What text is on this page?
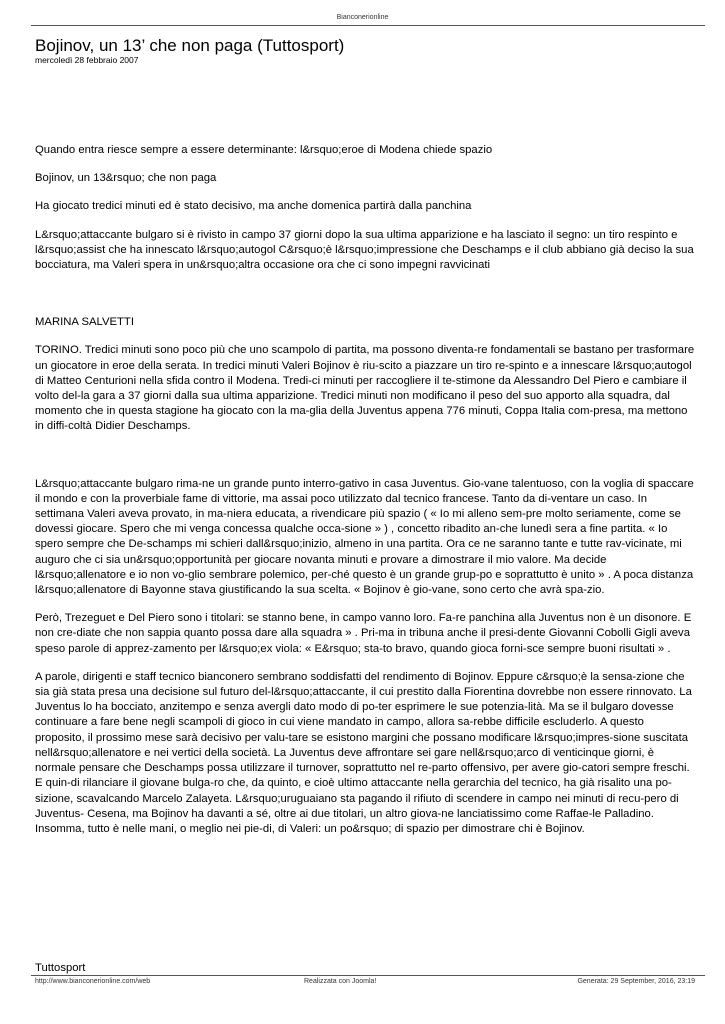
Bianconerionline
Bojinov, un 13’ che non paga (Tuttosport)
mercoledì 28 febbraio 2007

Quando entra riesce sempre a essere determinante: l&rsquo;eroe di Modena chiede spazio

Bojinov, un 13&rsquo; che non paga

Ha giocato tredici minuti ed è stato decisivo, ma anche domenica partirà dalla panchina

L&rsquo;attaccante bulgaro si è rivisto in campo 37 giorni dopo la sua ultima apparizione e ha lasciato il segno: un tiro respinto e l&rsquo;assist che ha innescato l&rsquo;autogol C&rsquo;è l&rsquo;impressione che Deschamps e il club abbiano già deciso la sua bocciatura, ma Valeri spera in un&rsquo;altra occasione ora che ci sono impegni ravvicinati

MARINA SALVETTI

TORINO. Tredici minuti sono poco più che uno scampolo di partita, ma possono diventa-re fondamentali se bastano per trasformare un giocatore in eroe della serata. In tredici minuti Valeri Bojinov è riu-scito a piazzare un tiro re-spinto e a innescare l&rsquo;autogol di Matteo Centurioni nella sfida contro il Modena. Tredi-ci minuti per raccogliere il te-stimone da Alessandro Del Piero e cambiare il volto del-la gara a 37 giorni dalla sua ultima apparizione. Tredici minuti non modificano il peso del suo apporto alla squadra, dal momento che in questa stagione ha giocato con la ma-glia della Juventus appena 776 minuti, Coppa Italia com-presa, ma mettono in diffi-coltà Didier Deschamps.

L&rsquo;attaccante bulgaro rima-ne un grande punto interro-gativo in casa Juventus. Gio-vane talentuoso, con la voglia di spaccare il mondo e con la proverbiale fame di vittorie, ma assai poco utilizzato dal tecnico francese. Tanto da di-ventare un caso. In settimana Valeri aveva provato, in ma-niera educata, a rivendicare più spazio ( « Io mi alleno sem-pre molto seriamente, come se dovessi giocare. Spero che mi venga concessa qualche occa-sione » ) , concetto ribadito an-che lunedì sera a fine partita. « Io spero sempre che De-schamps mi schieri dall&rsquo;inizio, almeno in una partita. Ora ce ne saranno tante e tutte rav-vicinate, mi auguro che ci sia un&rsquo;opportunità per giocare novanta minuti e provare a dimostrare il mio valore. Ma decide l&rsquo;allenatore e io non vo-glio sembrare polemico, per-ché questo è un grande grup-po e soprattutto è unito » . A poca distanza l&rsquo;allenatore di Bayonne stava giustificando la sua scelta. « Bojinov è gio-vane, sono certo che avrà spa-zio.

Però, Trezeguet e Del Piero sono i titolari: se stanno bene, in campo vanno loro. Fa-re panchina alla Juventus non è un disonore. E non cre-diate che non sappia quanto possa dare alla squadra » . Pri-ma in tribuna anche il presi-dente Giovanni Cobolli Gigli aveva speso parole di apprez-zamento per l&rsquo;ex viola: « E&rsquo; sta-to bravo, quando gioca forni-sce sempre buoni risultati » .

A parole, dirigenti e staff tecnico bianconero sembrano soddisfatti del rendimento di Bojinov. Eppure c&rsquo;è la sensa-zione che sia già stata presa una decisione sul futuro del-l&rsquo;attaccante, il cui prestito dalla Fiorentina dovrebbe non essere rinnovato. La Juventus lo ha bocciato, anzitempo e senza avergli dato modo di po-ter esprimere le sue potenzia-lità. Ma se il bulgaro dovesse continuare a fare bene negli scampoli di gioco in cui viene mandato in campo, allora sa-rebbe difficile escluderlo. A questo proposito, il prossimo mese sarà decisivo per valu-tare se esistono margini che possano modificare l&rsquo;impres-sione suscitata nell&rsquo;allenatore e nei vertici della società. La Juventus deve affrontare sei gare nell&rsquo;arco di venticinque giorni, è normale pensare che Deschamps possa utilizzare il turnover, soprattutto nel re-parto offensivo, per avere gio-catori sempre freschi. E quin-di rilanciare il giovane bulga-ro che, da quinto, e cioè ultimo attaccante nella gerarchia del tecnico, ha già risalito una po-sizione, scavalcando Marcelo Zalayeta. L&rsquo;uruguaiano sta pagando il rifiuto di scendere in campo nei minuti di recu-pero di Juventus- Cesena, ma Bojinov ha davanti a sé, oltre ai due titolari, un altro giova-ne lanciatissimo come Raffae-le Palladino. Insomma, tutto è nelle mani, o meglio nei pie-di, di Valeri: un po&rsquo; di spazio per dimostrare chi è Bojinov.

Tuttosport
http://www.bianconerionline.com/web	Realizzata con Joomla!	Generata: 29 September, 2016, 23:19
